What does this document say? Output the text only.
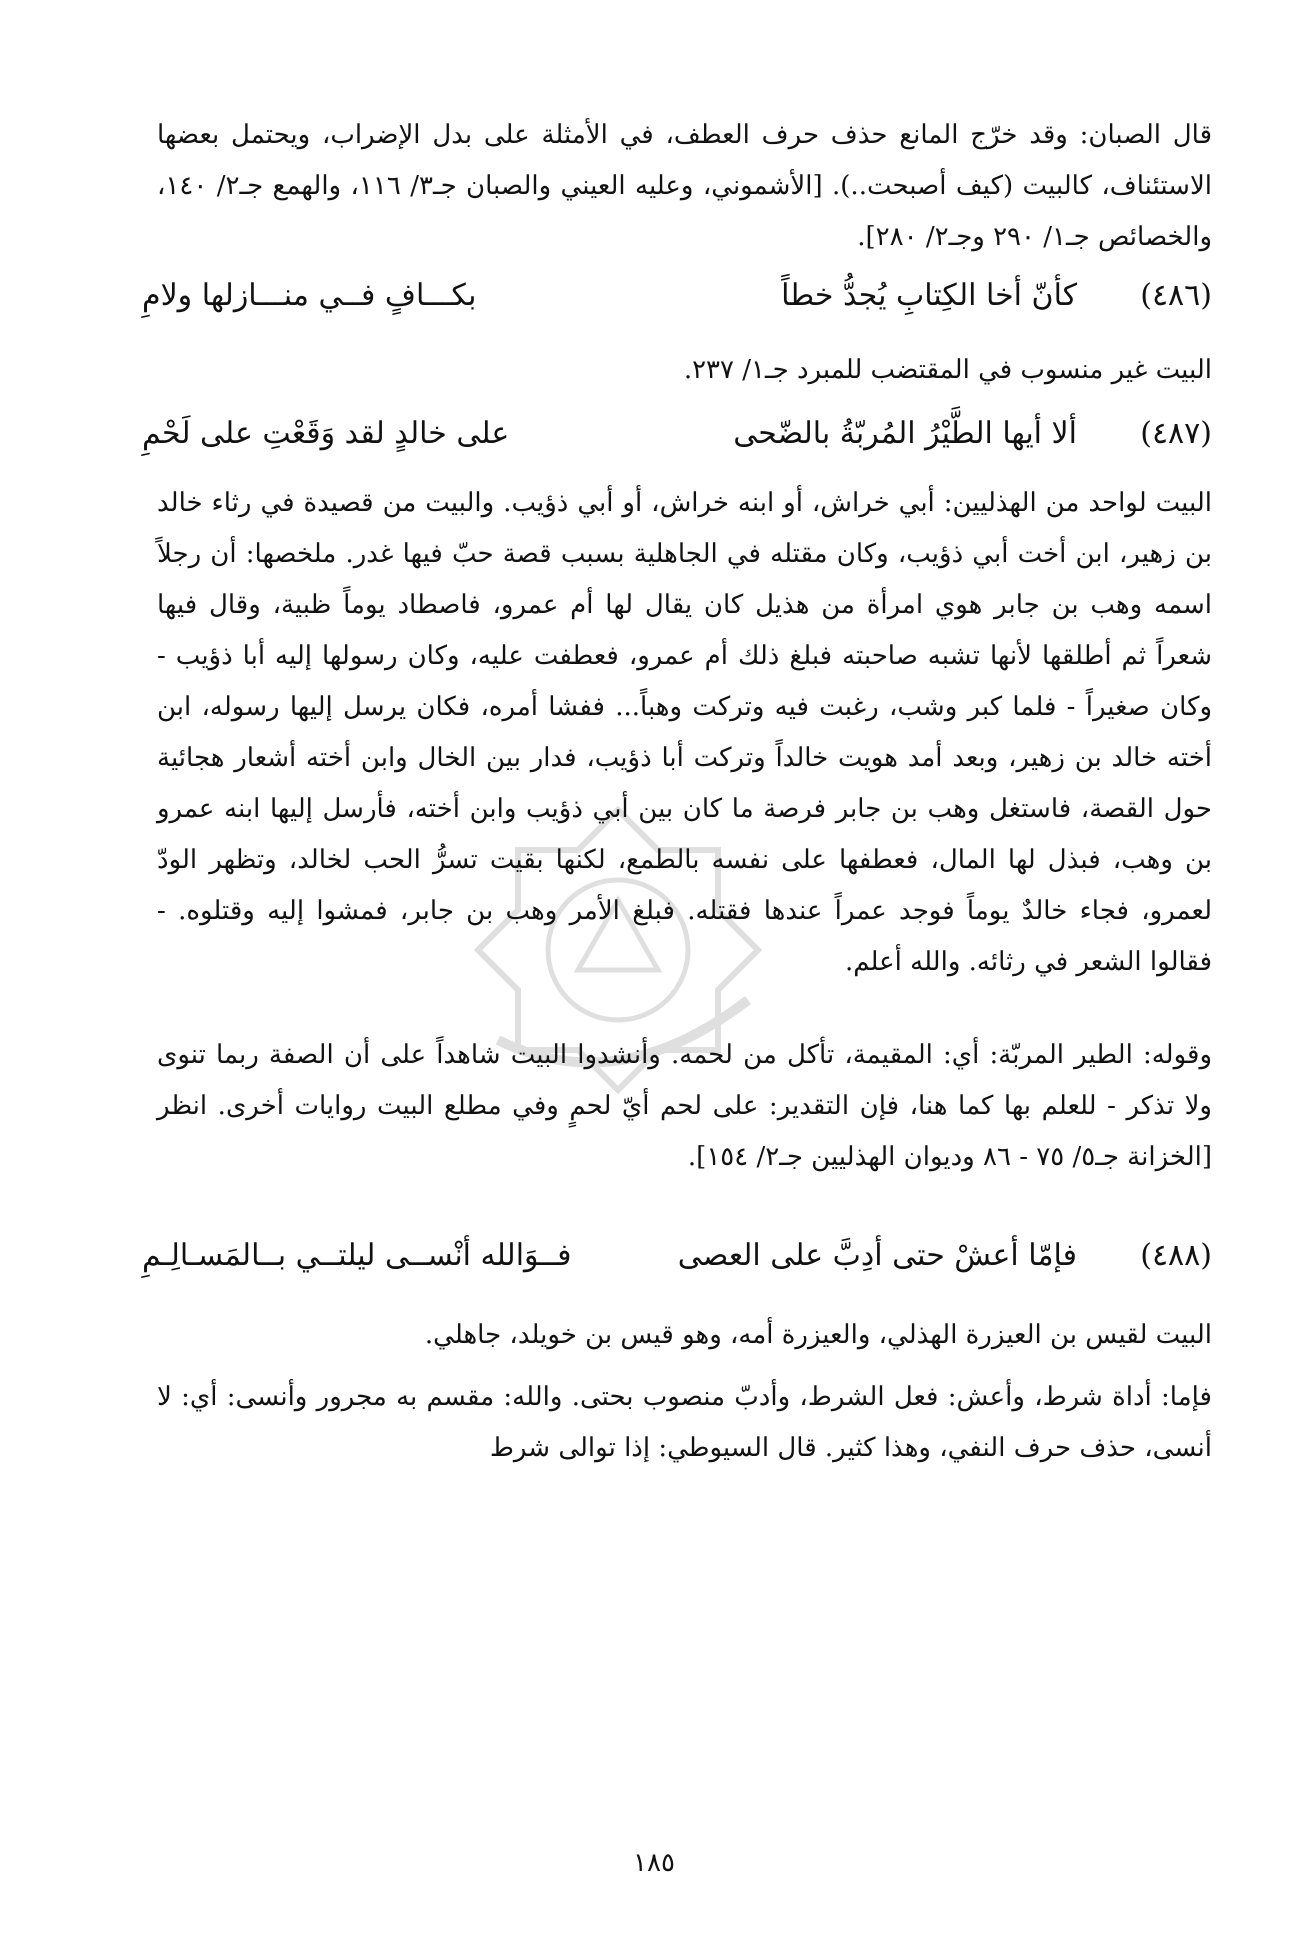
قال الصبان: وقد خرّج المانع حذف حرف العطف، في الأمثلة على بدل الإضراب، ويحتمل بعضها الاستئناف، كالبيت (كيف أصبحت..). [الأشموني، وعليه العيني والصبان جـ٣/ ١١٦، والهمع جـ٢/ ١٤٠، والخصائص جـ١/ ٢٩٠ وجـ٢/ ٢٨٠].
(٤٨٦)
كأنّ أخا الكِتابِ يُجدُّ خطاً
بكـــافٍ فــي منـــازلها ولامِ
البيت غير منسوب في المقتضب للمبرد جـ١/ ٢٣٧.
(٤٨٧)
ألا أيها الطَّيْرُ المُربّةُ بالضّحى
على خالدٍ لقد وَقَعْتِ على لَحْمِ
البيت لواحد من الهذليين: أبي خراش، أو ابنه خراش، أو أبي ذؤيب. والبيت من قصيدة في رثاء خالد بن زهير، ابن أخت أبي ذؤيب، وكان مقتله في الجاهلية بسبب قصة حبّ فيها غدر. ملخصها: أن رجلاً اسمه وهب بن جابر هوي امرأة من هذيل كان يقال لها أم عمرو، فاصطاد يوماً ظبية، وقال فيها شعراً ثم أطلقها لأنها تشبه صاحبته فبلغ ذلك أم عمرو، فعطفت عليه، وكان رسولها إليه أبا ذؤيب - وكان صغيراً - فلما كبر وشب، رغبت فيه وتركت وهباً... ففشا أمره، فكان يرسل إليها رسوله، ابن أخته خالد بن زهير، وبعد أمد هويت خالداً وتركت أبا ذؤيب، فدار بين الخال وابن أخته أشعار هجائية حول القصة، فاستغل وهب بن جابر فرصة ما كان بين أبي ذؤيب وابن أخته، فأرسل إليها ابنه عمرو بن وهب، فبذل لها المال، فعطفها على نفسه بالطمع، لكنها بقيت تسرُّ الحب لخالد، وتظهر الودّ لعمرو، فجاء خالدٌ يوماً فوجد عمراً عندها فقتله. فبلغ الأمر وهب بن جابر، فمشوا إليه وقتلوه. - فقالوا الشعر في رثائه. والله أعلم.
وقوله: الطير المربّة: أي: المقيمة، تأكل من لحمه. وأنشدوا البيت شاهداً على أن الصفة ربما تنوى ولا تذكر - للعلم بها كما هنا، فإن التقدير: على لحم أيّ لحمٍ وفي مطلع البيت روايات أخرى. انظر [الخزانة جـ٥/ ٧٥ - ٨٦ وديوان الهذليين جـ٢/ ١٥٤].
(٤٨٨)
فإمّا أعشْ حتى أدِبَّ على العصى
فــوَالله أنْســى ليلتــي بــالمَسـالِـمِ
البيت لقيس بن العيزرة الهذلي، والعيزرة أمه، وهو قيس بن خويلد، جاهلي.
فإما: أداة شرط، وأعش: فعل الشرط، وأدبّ منصوب بحتى. والله: مقسم به مجرور وأنسى: أي: لا أنسى، حذف حرف النفي، وهذا كثير. قال السيوطي: إذا توالى شرط
١٨٥
